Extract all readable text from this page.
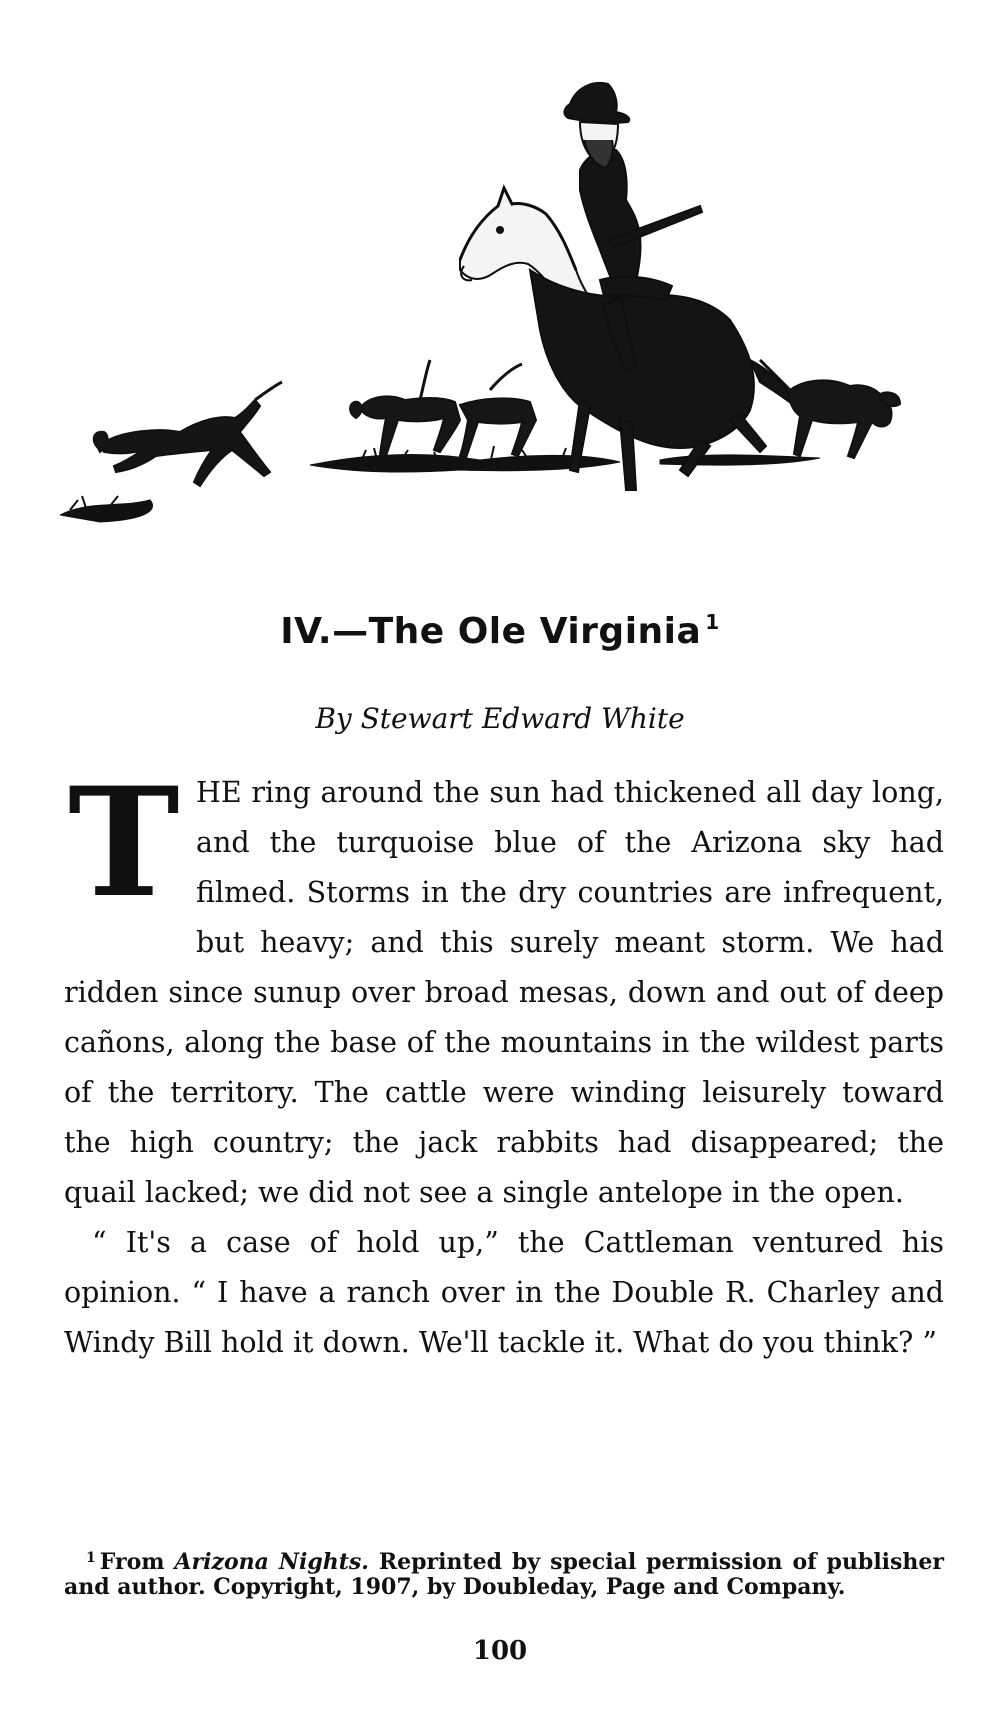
IV.—The Ole Virginia $^1$
By Stewart Edward White
T HE ring around the sun had thickened all day long, and the turquoise blue of the Arizona sky had filmed. Storms in the dry countries are infrequent, but heavy; and this surely meant storm. We had ridden since sunup over broad mesas, down and out of deep cañons, along the base of the mountains in the wildest parts of the territory. The cattle were winding leisurely toward the high country; the jack rabbits had disappeared; the quail lacked; we did not see a single antelope in the open.

“ It's a case of hold up,” the Cattleman ventured his opinion. “ I have a ranch over in the Double R. Charley and Windy Bill hold it down. We'll tackle it. What do you think? ”

$^1$ From Arizona Nights. Reprinted by special permission of publisher and author. Copyright, 1907, by Doubleday, Page and Company.
100
